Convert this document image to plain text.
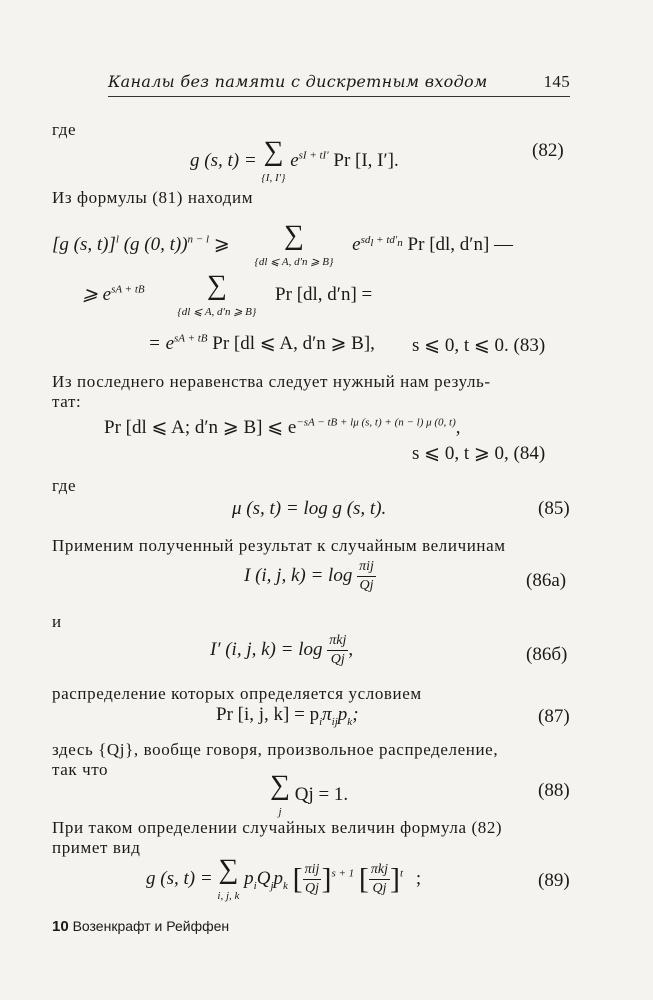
Каналы без памяти с дискретным входом	145
где
g (s, t) = ∑
{I, I′} $e^{sI + tI'}$ Pr [I, I′].	(82)
Из формулы (81) находим
[g (s, t)]$^l$ (g (0, t))$^{n - l}$ ⩾ ∑
{dl ⩽ A, d′n ⩾ B} $e^{sd_l + td'_n}$ Pr [dl, d′n] —
⩾ $e^{sA + tB}$ ∑
{dl ⩽ A, d′n ⩾ B} Pr [dl, d′n] =
= $e^{sA + tB}$ Pr [dl ⩽ A, d′n ⩾ B], s ⩽ 0, t ⩽ 0. (83)
Из последнего неравенства следует нужный нам резуль-
тат:
Pr [dl ⩽ A; d′n ⩾ B] ⩽ $e^{-sA - tB + l\mu (s, t) + (n - l) \mu (0, t)}$,
s ⩽ 0, t ⩾ 0, (84)
где
μ (s, t) = log g (s, t).	(85)
Применим полученный результат к случайным величинам
I (i, j, $k) = \log \frac{\text{πij}}{Qj}$	(86а)
и
I′ (i, j, $k) = \log \frac{\text{πkj}}{Qj}$ ,	(86б)
распределение которых определяется условием
Pr [i, j, $k] = p_i\pi_{ij}p_k$;	(87)
здесь {Qj}, вообще говоря, произвольное распределение,
так что
∑
j Qj = 1.	(88)
При таком определении случайных величин формула (82)
примет вид
g (s, t) = ∑
i, j, k $p_iQ_jp_k$ [ $\frac{\text{πij}}{Qj} ]^{s + 1}$ [ $\frac{\text{πkj}}{Qj} ]^t$ ;	(89)
10 Возенкрафт и Рейффен
